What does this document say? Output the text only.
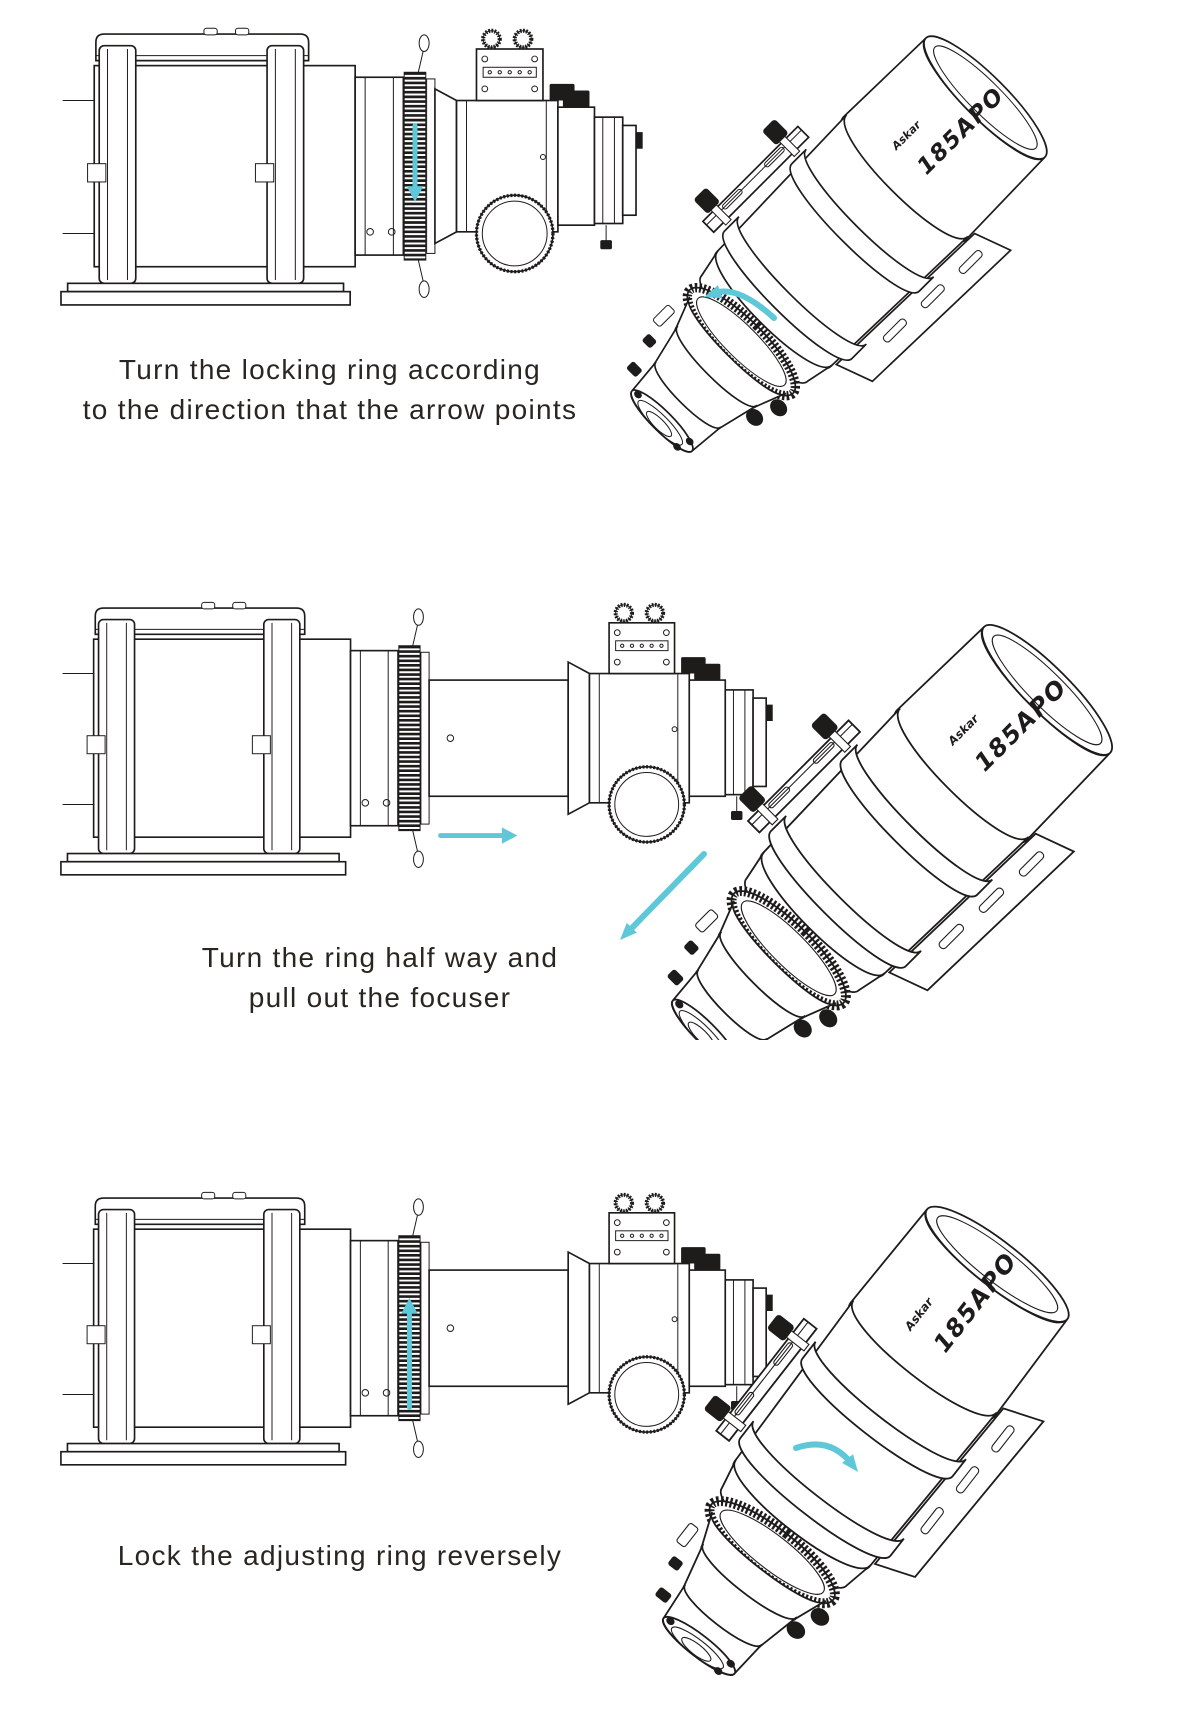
Turn the locking ring according
to the direction that the arrow points
Turn the ring half way and
pull out the focuser
Lock the adjusting ring reversely
